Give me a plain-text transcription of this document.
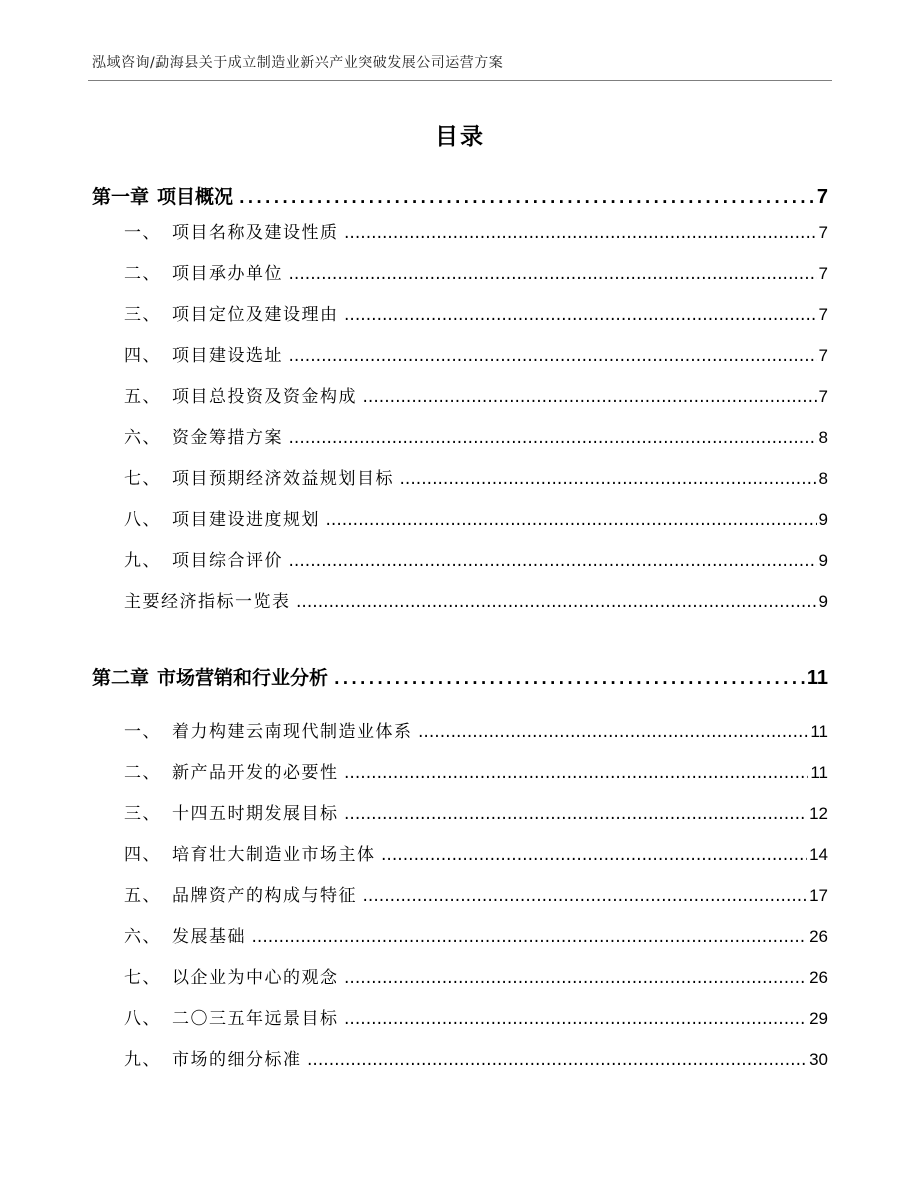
泓域咨询/勐海县关于成立制造业新兴产业突破发展公司运营方案
目录
第一章 项目概况 .....	7
一、 项目名称及建设性质 .....	7
二、 项目承办单位 .....	7
三、 项目定位及建设理由 .....	7
四、 项目建设选址 .....	7
五、 项目总投资及资金构成 .....	7
六、 资金筹措方案 .....	8
七、 项目预期经济效益规划目标 .....	8
八、 项目建设进度规划 .....	9
九、 项目综合评价 .....	9
主要经济指标一览表 .....	9
第二章 市场营销和行业分析 .....	11
一、 着力构建云南现代制造业体系 .....	11
二、 新产品开发的必要性 .....	11
三、 十四五时期发展目标 .....	12
四、 培育壮大制造业市场主体 .....	14
五、 品牌资产的构成与特征 .....	17
六、 发展基础 .....	26
七、 以企业为中心的观念 .....	26
八、 二〇三五年远景目标 .....	29
九、 市场的细分标准 .....	30
